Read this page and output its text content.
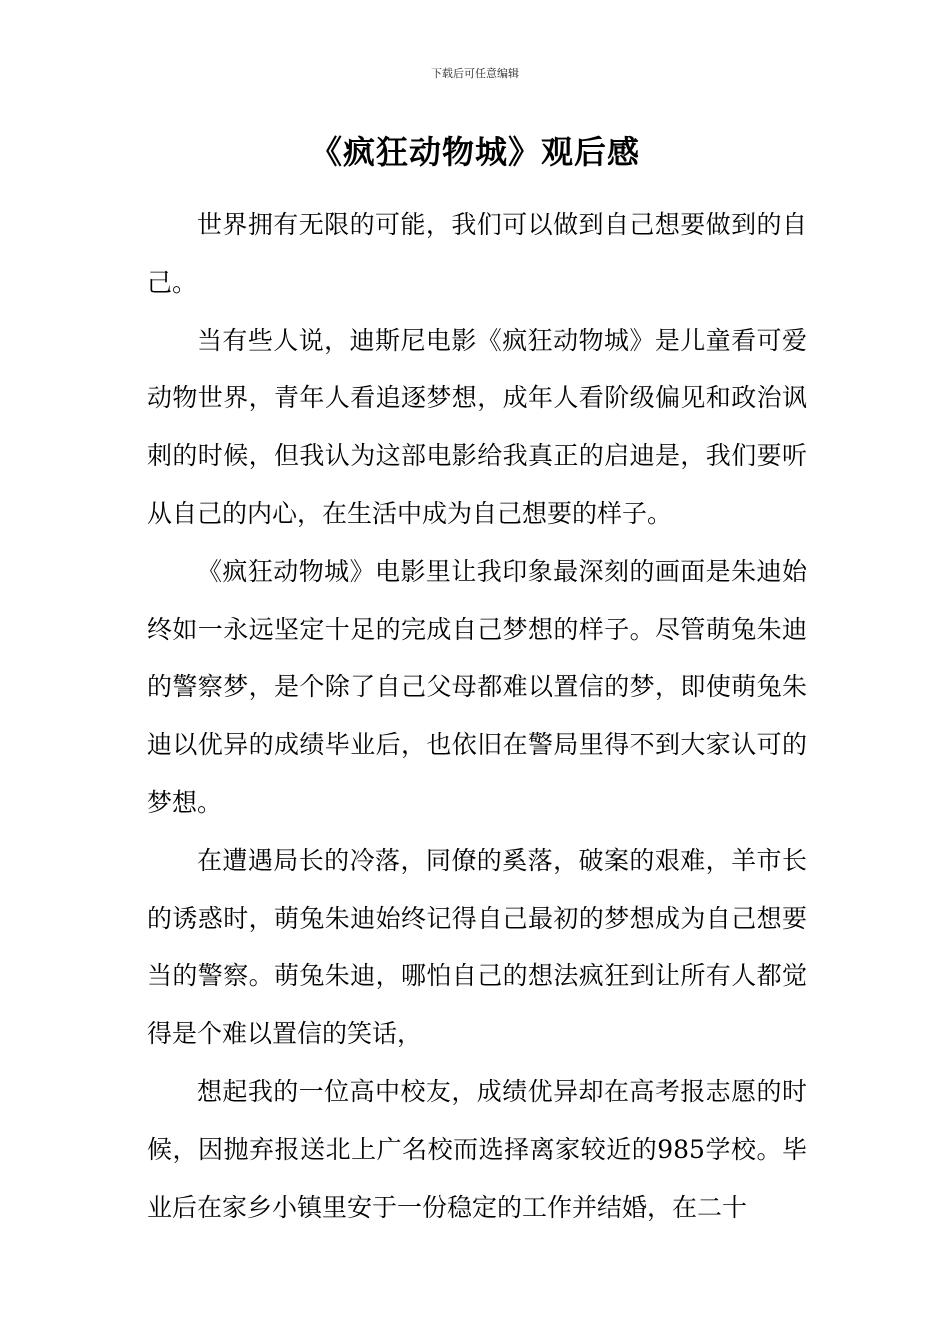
下载后可任意编辑
《疯狂动物城》观后感

世界拥有无限的可能，我们可以做到自己想要做到的自己。

当有些人说，迪斯尼电影《疯狂动物城》是儿童看可爱动物世界，青年人看追逐梦想，成年人看阶级偏见和政治讽刺的时候，但我认为这部电影给我真正的启迪是，我们要听从自己的内心，在生活中成为自己想要的样子。

《疯狂动物城》电影里让我印象最深刻的画面是朱迪始终如一永远坚定十足的完成自己梦想的样子。尽管萌兔朱迪的警察梦，是个除了自己父母都难以置信的梦，即使萌兔朱迪以优异的成绩毕业后，也依旧在警局里得不到大家认可的梦想。

在遭遇局长的冷落，同僚的奚落，破案的艰难，羊市长的诱惑时，萌兔朱迪始终记得自己最初的梦想成为自己想要当的警察。萌兔朱迪，哪怕自己的想法疯狂到让所有人都觉得是个难以置信的笑话，

想起我的一位高中校友，成绩优异却在高考报志愿的时候，因抛弃报送北上广名校而选择离家较近的985学校。毕业后在家乡小镇里安于一份稳定的工作并结婚，在二十
